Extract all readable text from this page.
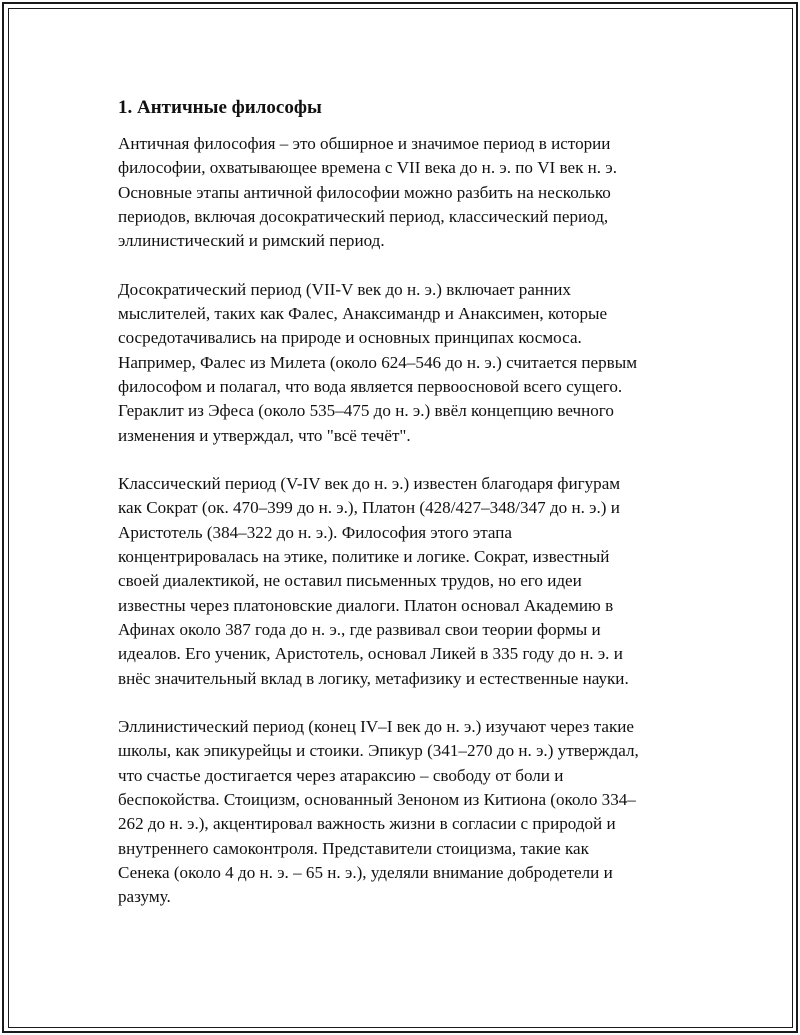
1. Античные философы

Античная философия – это обширное и значимое период в истории
философии, охватывающее времена с VII века до н. э. по VI век н. э.
Основные этапы античной философии можно разбить на несколько
периодов, включая досократический период, классический период,
эллинистический и римский период.

Досократический период (VII-V век до н. э.) включает ранних
мыслителей, таких как Фалес, Анаксимандр и Анаксимен, которые
сосредотачивались на природе и основных принципах космоса.
Например, Фалес из Милета (около 624–546 до н. э.) считается первым
философом и полагал, что вода является первоосновой всего сущего.
Гераклит из Эфеса (около 535–475 до н. э.) ввёл концепцию вечного
изменения и утверждал, что "всё течёт".

Классический период (V-IV век до н. э.) известен благодаря фигурам
как Сократ (ок. 470–399 до н. э.), Платон (428/427–348/347 до н. э.) и
Аристотель (384–322 до н. э.). Философия этого этапа
концентрировалась на этике, политике и логике. Сократ, известный
своей диалектикой, не оставил письменных трудов, но его идеи
известны через платоновские диалоги. Платон основал Академию в
Афинах около 387 года до н. э., где развивал свои теории формы и
идеалов. Его ученик, Аристотель, основал Ликей в 335 году до н. э. и
внёс значительный вклад в логику, метафизику и естественные науки.

Эллинистический период (конец IV–I век до н. э.) изучают через такие
школы, как эпикурейцы и стоики. Эпикур (341–270 до н. э.) утверждал,
что счастье достигается через атараксию – свободу от боли и
беспокойства. Стоицизм, основанный Зеноном из Китиона (около 334–
262 до н. э.), акцентировал важность жизни в согласии с природой и
внутреннего самоконтроля. Представители стоицизма, такие как
Сенека (около 4 до н. э. – 65 н. э.), уделяли внимание добродетели и
разуму.
